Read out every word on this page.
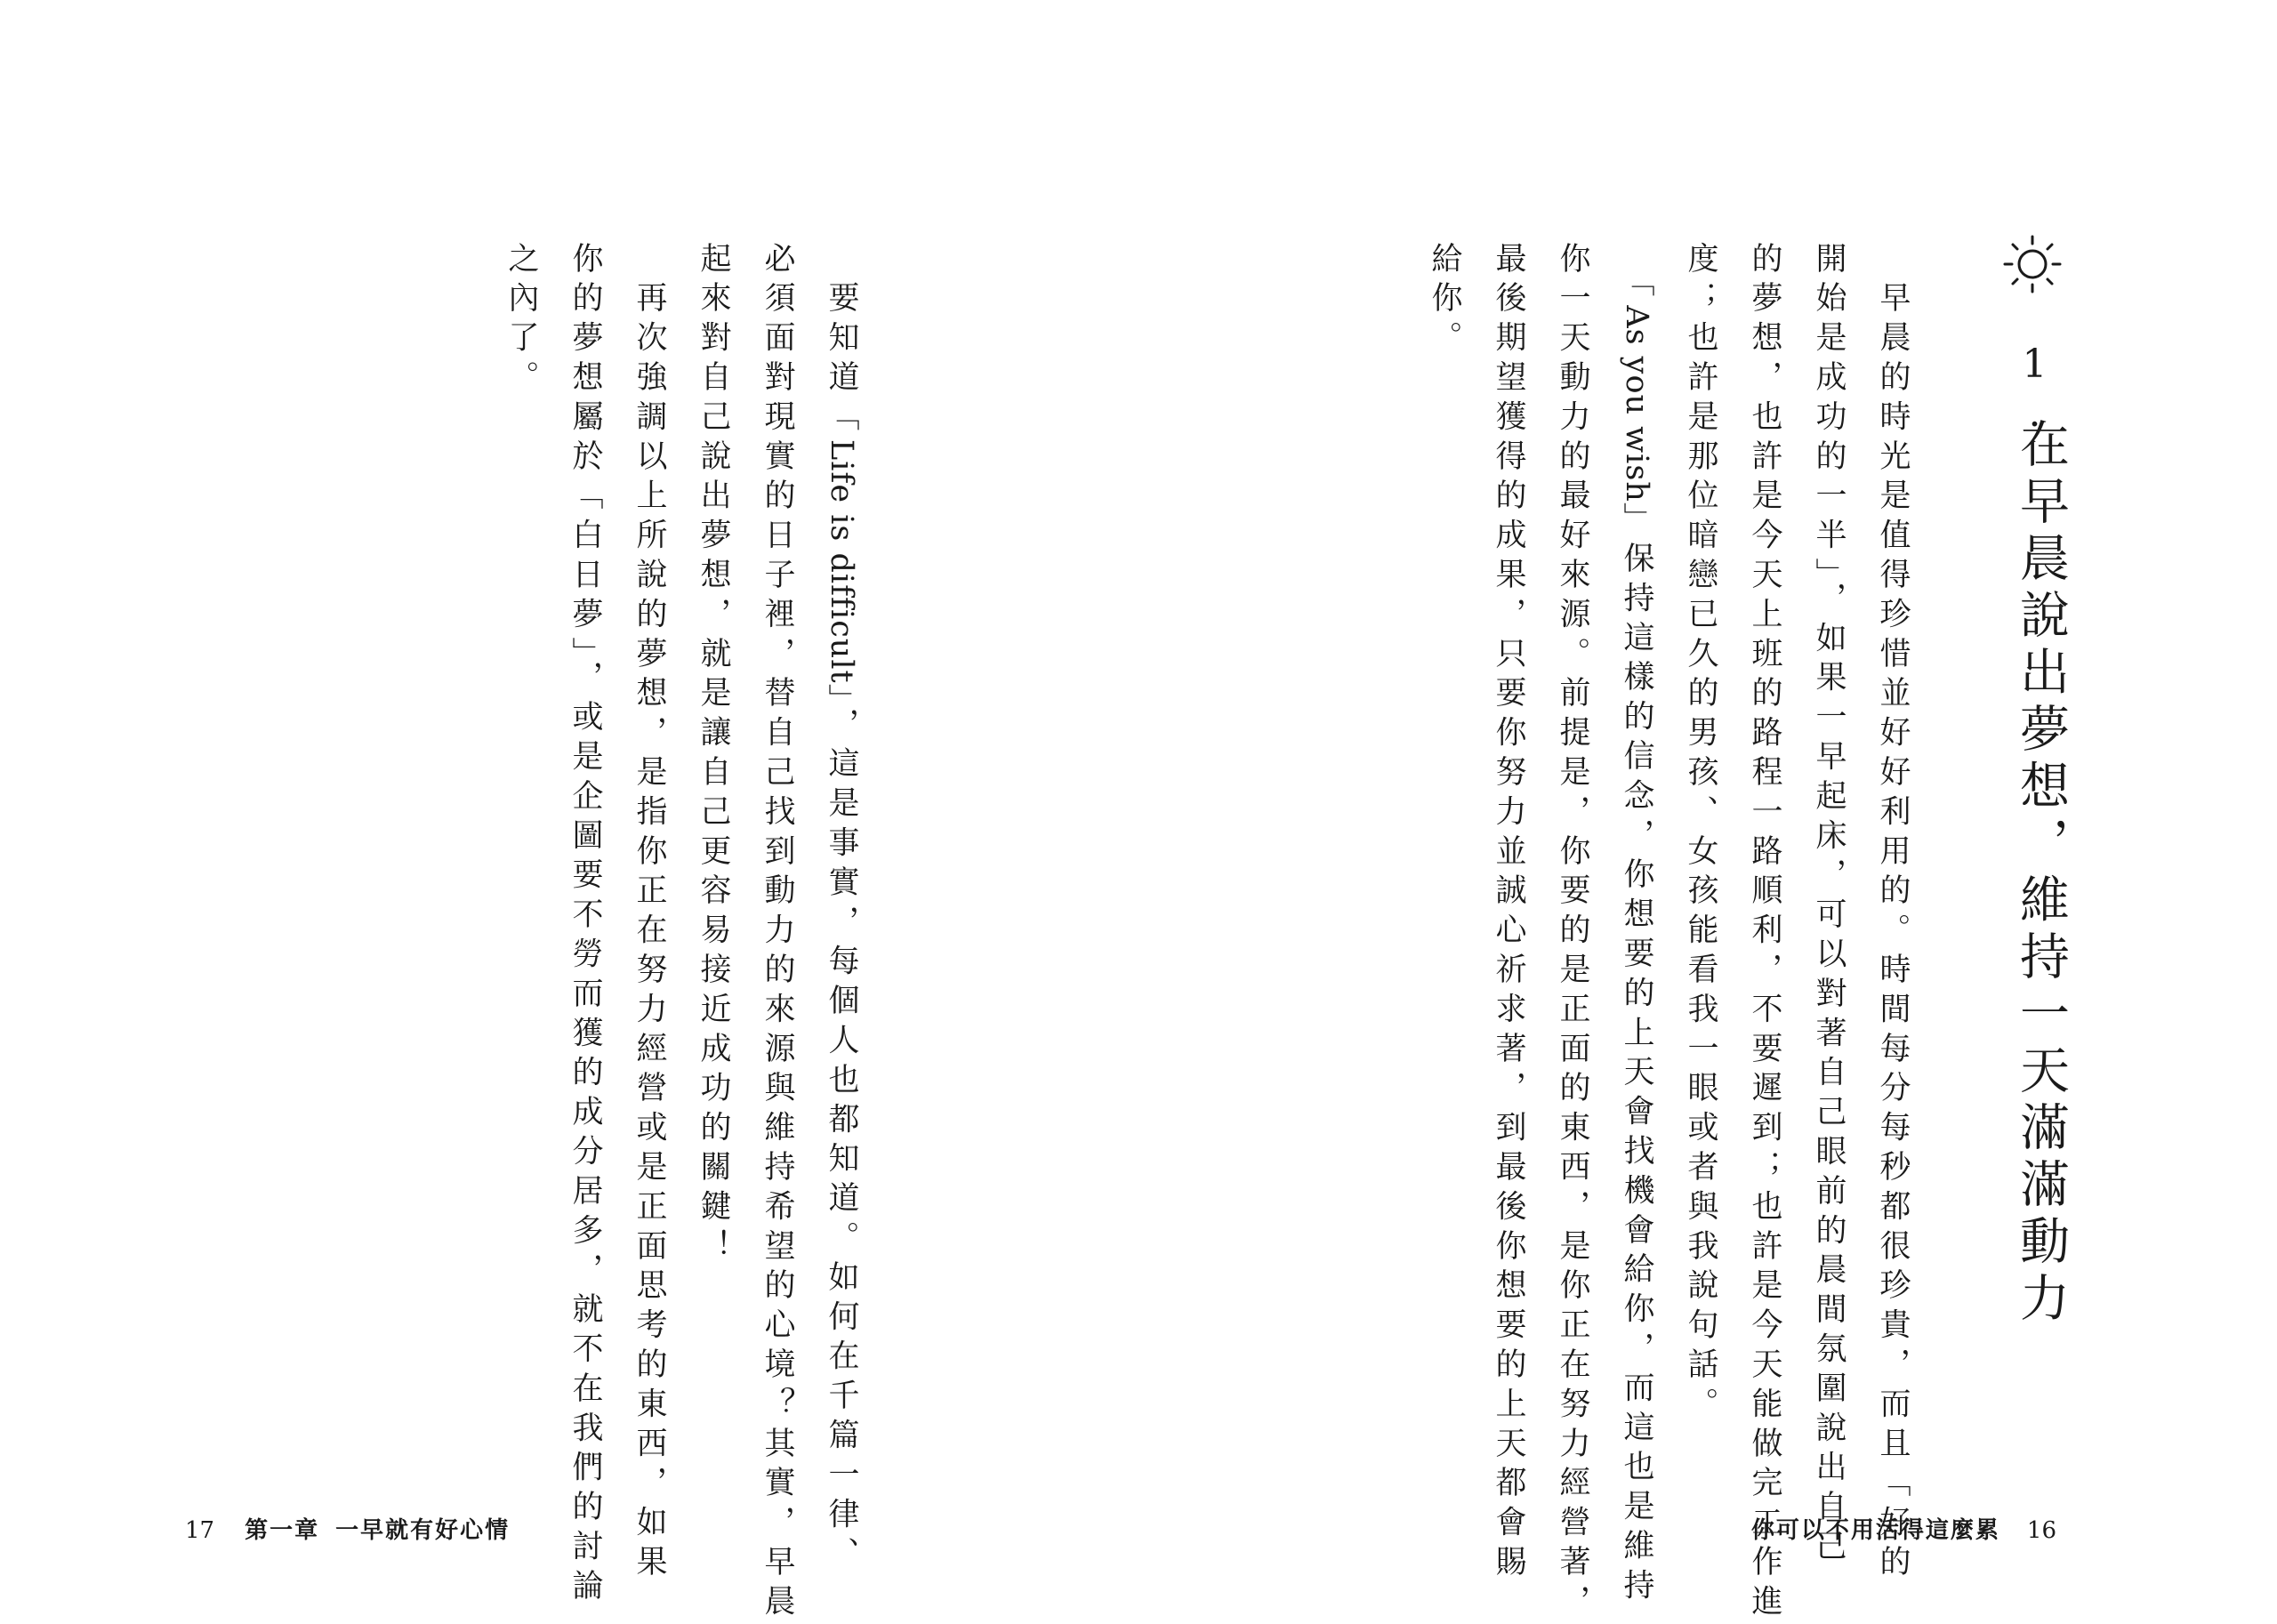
1.
在早晨說出夢想，維持一天滿滿動力
　早晨的時光是值得珍惜並好好利用的。時間每分每秒都很珍貴，而且「好的
開始是成功的一半」，如果一早起床，可以對著自己眼前的晨間氛圍說出自己
的夢想，也許是今天上班的路程一路順利，不要遲到；也許是今天能做完工作進
度；也許是那位暗戀已久的男孩、女孩能看我一眼或者與我說句話。
　「As you wish」保持這樣的信念，你想要的上天會找機會給你，而這也是維持
你一天動力的最好來源。前提是，你要的是正面的東西，是你正在努力經營著，
最後期望獲得的成果，只要你努力並誠心祈求著，到最後你想要的上天都會賜
給你。
你可以不用活得這麼累 16
　要知道「Life is difficult」，這是事實，每個人也都知道。如何在千篇一律、
必須面對現實的日子裡，替自己找到動力的來源與維持希望的心境？其實，早晨
起來對自己說出夢想，就是讓自己更容易接近成功的關鍵！
　再次強調以上所說的夢想，是指你正在努力經營或是正面思考的東西，如果
你的夢想屬於「白日夢」，或是企圖要不勞而獲的成分居多，就不在我們的討論
之內了。
17 第一章 一早就有好心情
